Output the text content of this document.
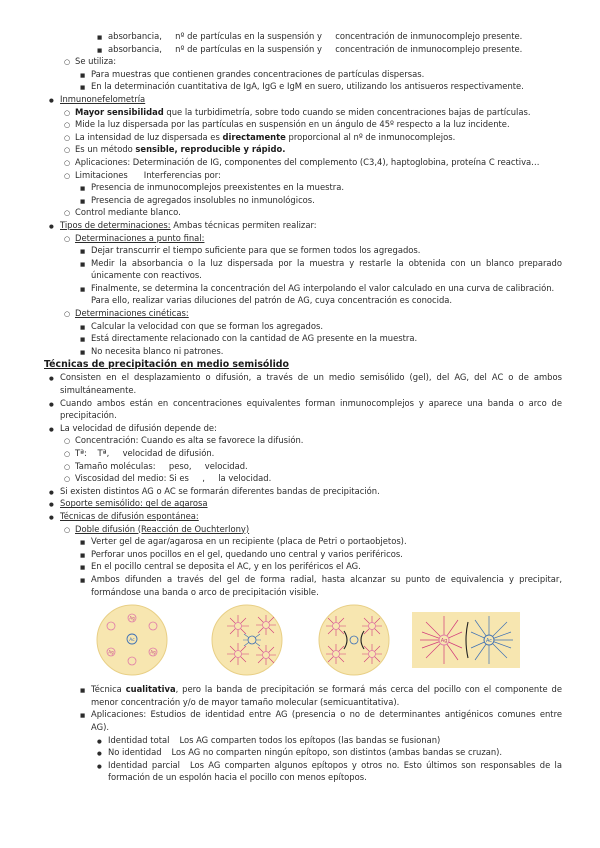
■
absorbancia,     nº de partículas en la suspensión y     concentración de inmunocomplejo presente.
■
absorbancia,     nº de partículas en la suspensión y     concentración de inmunocomplejo presente.
○
Se utiliza:
■
Para muestras que contienen grandes concentraciones de partículas dispersas.
■
En la determinación cuantitativa de IgA, IgG e IgM en suero, utilizando los antisueros respectivamente.
●
Inmunonefelometría
○
Mayor sensibilidad que la turbidimetría, sobre todo cuando se miden concentraciones bajas de partículas.
○
Mide la luz dispersada por las partículas en suspensión en un ángulo de 45º respecto a la luz incidente.
○
La intensidad de luz dispersada es directamente proporcional al nº de inmunocomplejos.
○
Es un método sensible, reproducible y rápido.
○
Aplicaciones: Determinación de IG, componentes del complemento (C3,4), haptoglobina, proteína C reactiva…
○
Limitaciones      Interferencias por:
■
Presencia de inmunocomplejos preexistentes en la muestra.
■
Presencia de agregados insolubles no inmunológicos.
○
Control mediante blanco.
●
Tipos de determinaciones: Ambas técnicas permiten realizar:
○
Determinaciones a punto final:
■
Dejar transcurrir el tiempo suficiente para que se formen todos los agregados.
■
Medir la absorbancia o la luz dispersada por la muestra y restarle la obtenida con un blanco preparado
únicamente con reactivos.
■
Finalmente, se determina la concentración del AG interpolando el valor calculado en una curva de calibración.
Para ello, realizar varias diluciones del patrón de AG, cuya concentración es conocida.
○
Determinaciones cinéticas:
■
Calcular la velocidad con que se forman los agregados.
■
Está directamente relacionado con la cantidad de AG presente en la muestra.
■
No necesita blanco ni patrones.
Técnicas de precipitación en medio semisólido
●
Consisten en el desplazamiento o difusión, a través de un medio semisólido (gel), del AG, del AC o de ambos
simultáneamente.
●
Cuando ambos están en concentraciones equivalentes forman inmunocomplejos y aparece una banda o arco de
precipitación.
●
La velocidad de difusión depende de:
○
Concentración: Cuando es alta se favorece la difusión.
○
Tª:    Tª,     velocidad de difusión.
○
Tamaño moléculas:     peso,     velocidad.
○
Viscosidad del medio: Si es     ,     la velocidad.
●
Si existen distintos AG o AC se formarán diferentes bandas de precipitación.
●
Soporte semisólido: gel de agarosa
●
Técnicas de difusión espontánea:
○
Doble difusión (Reacción de Ouchterlony)
■
Verter gel de agar/agarosa en un recipiente (placa de Petri o portaobjetos).
■
Perforar unos pocillos en el gel, quedando uno central y varios periféricos.
■
En el pocillo central se deposita el AC, y en los periféricos el AG.
■
Ambos difunden a través del gel de forma radial, hasta alcanzar su punto de equivalencia y precipitar,
formándose una banda o arco de precipitación visible.
Ac
Ag
Ag	Ag
Ag	Ac
■
Técnica cualitativa, pero la banda de precipitación se formará más cerca del pocillo con el componente de
menor concentración y/o de mayor tamaño molecular (semicuantitativa).
■
Aplicaciones: Estudios de identidad entre AG (presencia o no de determinantes antigénicos comunes entre
AG).
●
Identidad total Los AG comparten todos los epítopos (las bandas se fusionan)
●
No identidad Los AG no comparten ningún epítopo, son distintos (ambas bandas se cruzan).
●
Identidad parcial Los AG comparten algunos epítopos y otros no. Esto últimos son responsables de la
formación de un espolón hacia el pocillo con menos epítopos.
